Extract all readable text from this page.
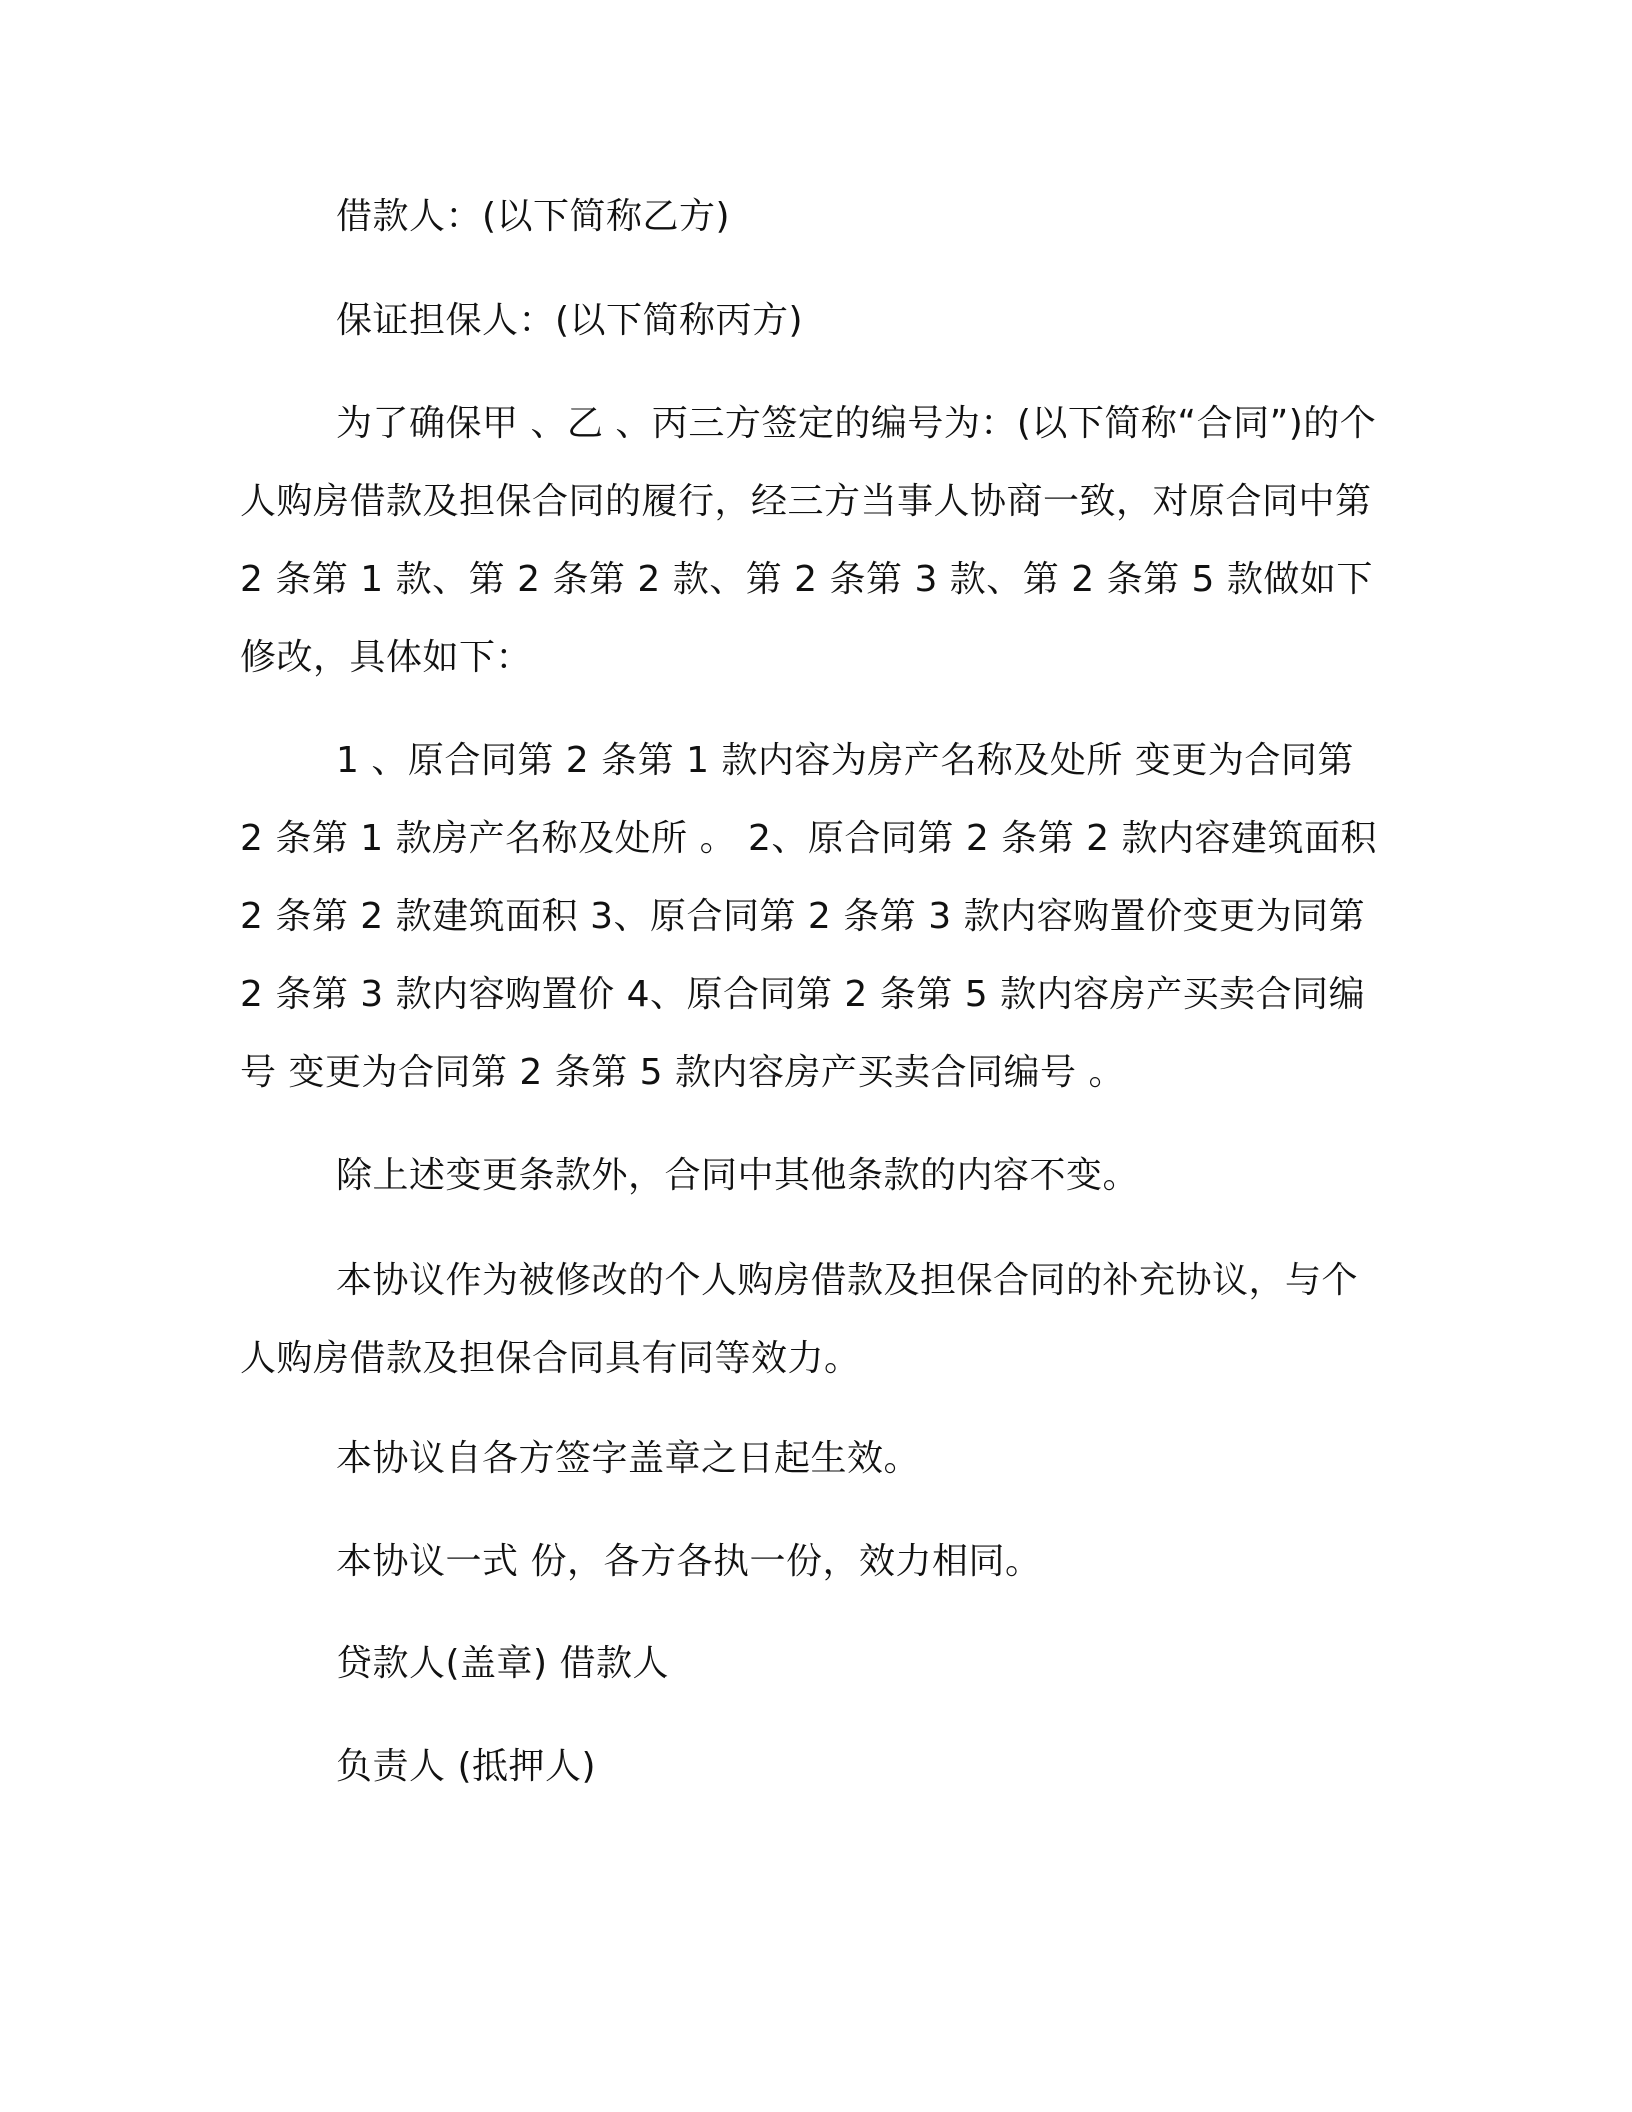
借款人：(以下简称乙方)

保证担保人：(以下简称丙方)

为了确保甲 、乙 、丙三方签定的编号为：(以下简称“合同”)的个人购房借款及担保合同的履行，经三方当事人协商一致，对原合同中第 2 条第 1 款、第 2 条第 2 款、第 2 条第 3 款、第 2 条第 5 款做如下修改，具体如下：

1 、原合同第 2 条第 1 款内容为房产名称及处所 变更为合同第 2 条第 1 款房产名称及处所 。 2、原合同第 2 条第 2 款内容建筑面积 2 条第 2 款建筑面积 3、原合同第 2 条第 3 款内容购置价变更为同第 2 条第 3 款内容购置价 4、原合同第 2 条第 5 款内容房产买卖合同编号 变更为合同第 2 条第 5 款内容房产买卖合同编号 。

除上述变更条款外，合同中其他条款的内容不变。

本协议作为被修改的个人购房借款及担保合同的补充协议，与个人购房借款及担保合同具有同等效力。

本协议自各方签字盖章之日起生效。

本协议一式 份，各方各执一份，效力相同。

贷款人(盖章) 借款人

负责人 (抵押人)
